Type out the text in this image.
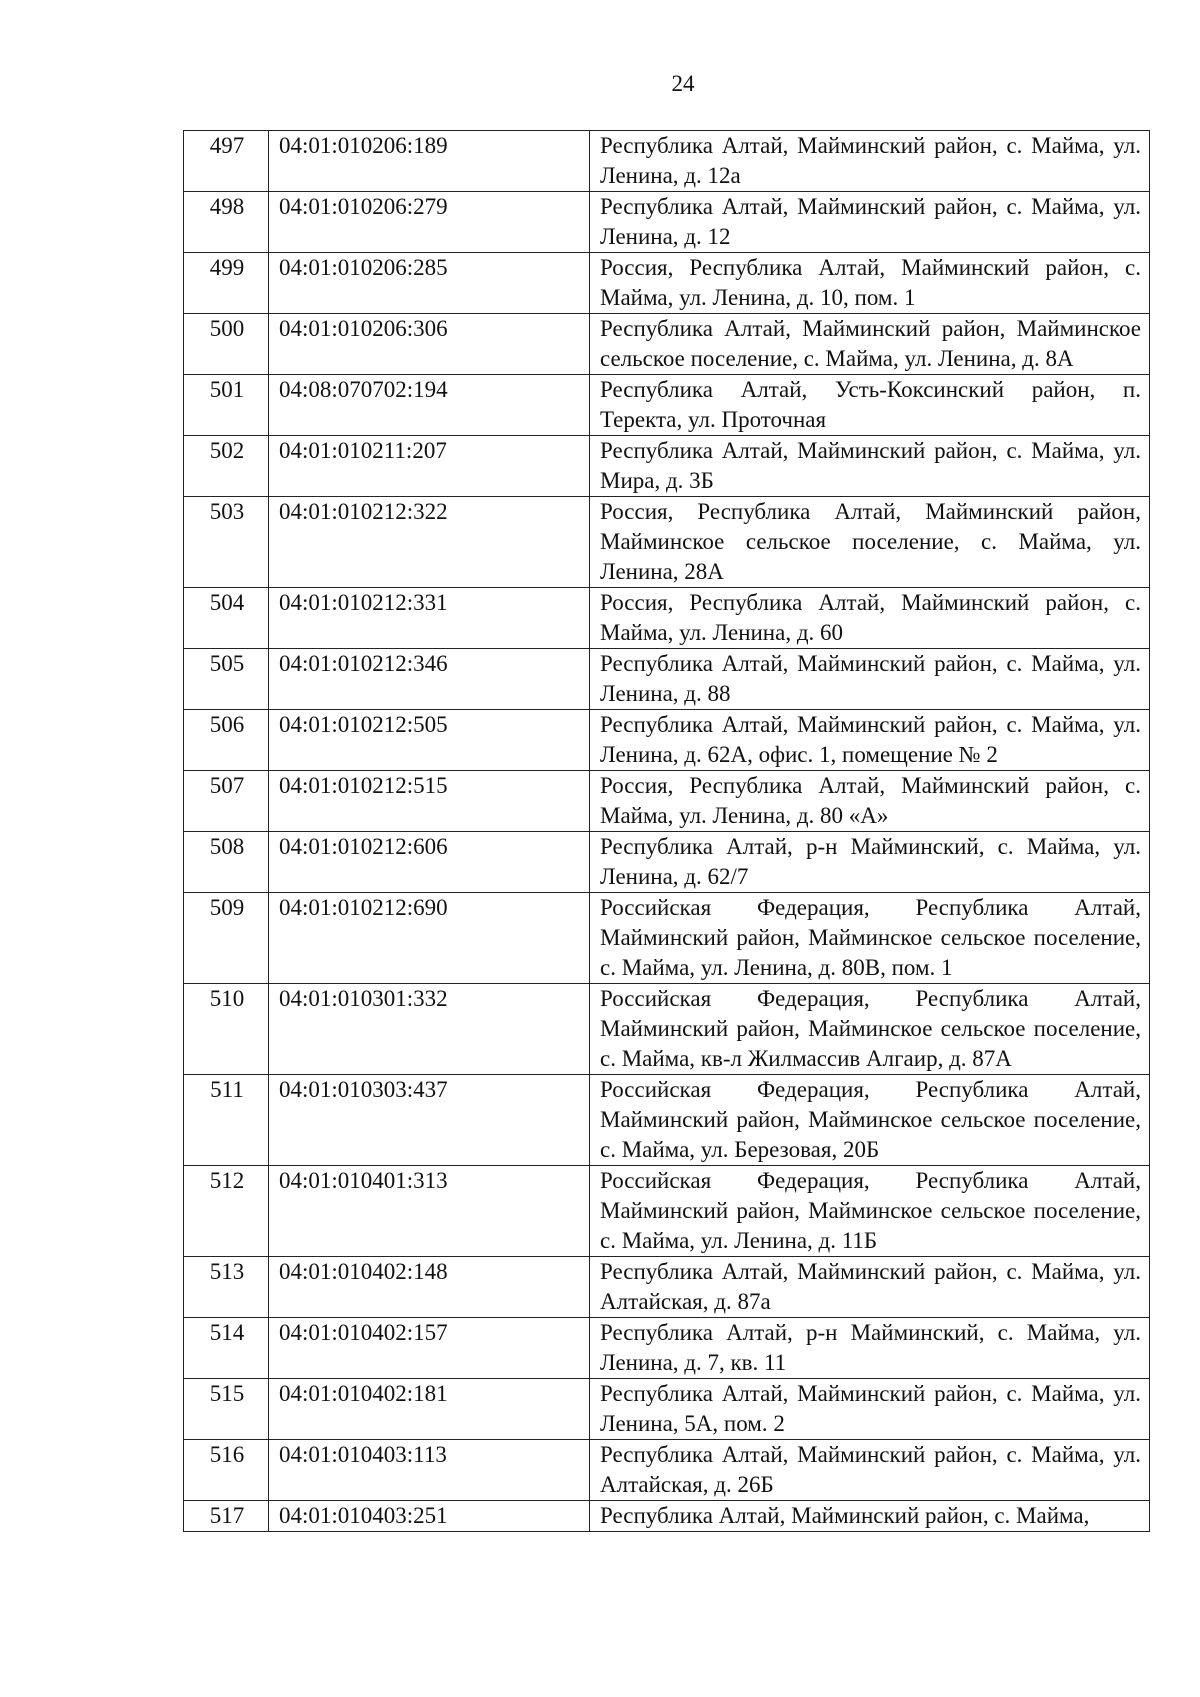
24
497	04:01:010206:189	Республика Алтай, Майминский район, с. Майма, ул. Ленина, д. 12а
498	04:01:010206:279	Республика Алтай, Майминский район, с. Майма, ул. Ленина, д. 12
499	04:01:010206:285	Россия, Республика Алтай, Майминский район, с. Майма, ул. Ленина, д. 10, пом. 1
500	04:01:010206:306	Республика Алтай, Майминский район, Майминское сельское поселение, с. Майма, ул. Ленина, д. 8А
501	04:08:070702:194	Республика Алтай, Усть-Коксинский район, п. Теректа, ул. Проточная
502	04:01:010211:207	Республика Алтай, Майминский район, с. Майма, ул. Мира, д. 3Б
503	04:01:010212:322	Россия, Республика Алтай, Майминский район, Майминское сельское поселение, с. Майма, ул. Ленина, 28А
504	04:01:010212:331	Россия, Республика Алтай, Майминский район, с. Майма, ул. Ленина, д. 60
505	04:01:010212:346	Республика Алтай, Майминский район, с. Майма, ул. Ленина, д. 88
506	04:01:010212:505	Республика Алтай, Майминский район, с. Майма, ул. Ленина, д. 62А, офис. 1, помещение № 2
507	04:01:010212:515	Россия, Республика Алтай, Майминский район, с. Майма, ул. Ленина, д. 80 «А»
508	04:01:010212:606	Республика Алтай, р-н Майминский, с. Майма, ул. Ленина, д. 62/7
509	04:01:010212:690	Российская Федерация, Республика Алтай, Майминский район, Майминское сельское поселение, с. Майма, ул. Ленина, д. 80В, пом. 1
510	04:01:010301:332	Российская Федерация, Республика Алтай, Майминский район, Майминское сельское поселение, с. Майма, кв-л Жилмассив Алгаир, д. 87А
511	04:01:010303:437	Российская Федерация, Республика Алтай, Майминский район, Майминское сельское поселение, с. Майма, ул. Березовая, 20Б
512	04:01:010401:313	Российская Федерация, Республика Алтай, Майминский район, Майминское сельское поселение, с. Майма, ул. Ленина, д. 11Б
513	04:01:010402:148	Республика Алтай, Майминский район, с. Майма, ул. Алтайская, д. 87а
514	04:01:010402:157	Республика Алтай, р-н Майминский, с. Майма, ул. Ленина, д. 7, кв. 11
515	04:01:010402:181	Республика Алтай, Майминский район, с. Майма, ул. Ленина, 5А, пом. 2
516	04:01:010403:113	Республика Алтай, Майминский район, с. Майма, ул. Алтайская, д. 26Б
517	04:01:010403:251	Республика Алтай, Майминский район, с. Майма,
